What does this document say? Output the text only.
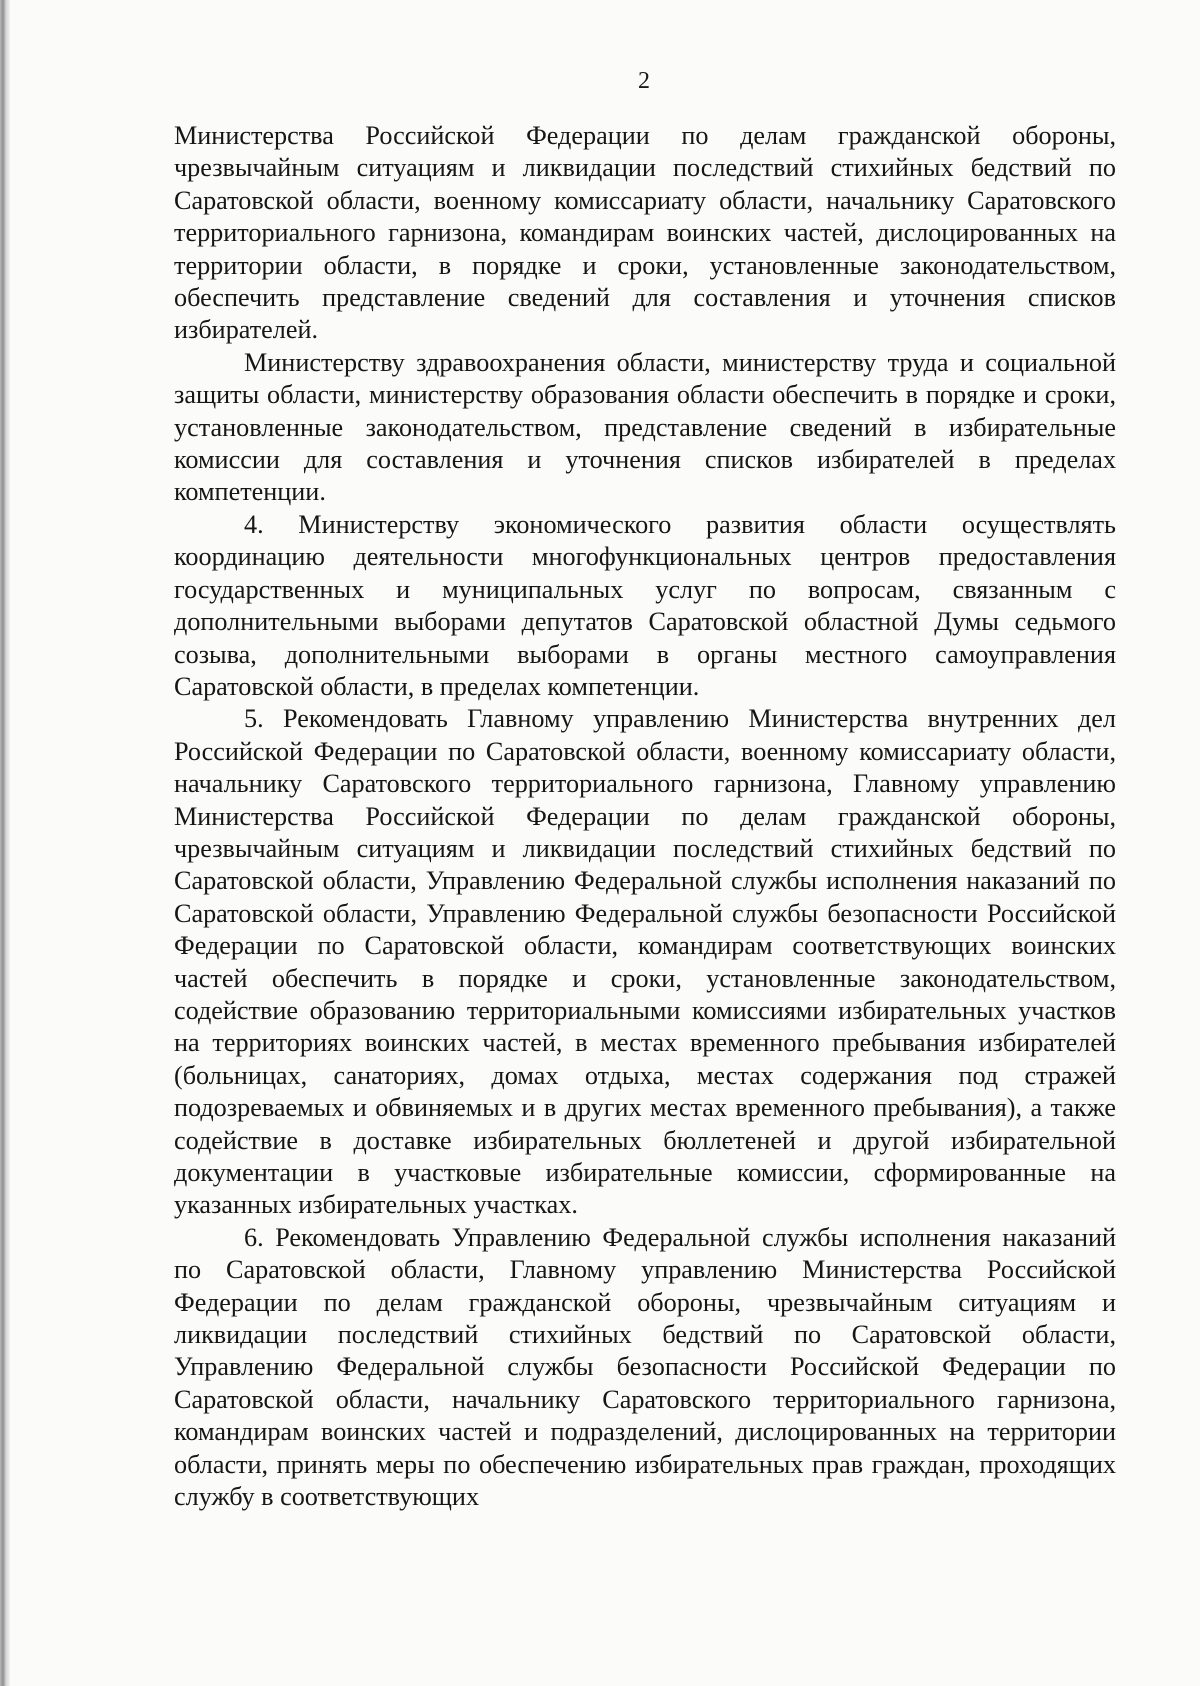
2

Министерства Российской Федерации по делам гражданской обороны, чрезвычайным ситуациям и ликвидации последствий стихийных бедствий по Саратовской области, военному комиссариату области, начальнику Саратовского территориального гарнизона, командирам воинских частей, дислоцированных на территории области, в порядке и сроки, установленные законодательством, обеспечить представление сведений для составления и уточнения списков избирателей.

Министерству здравоохранения области, министерству труда и социальной защиты области, министерству образования области обеспечить в порядке и сроки, установленные законодательством, представление сведений в избирательные комиссии для составления и уточнения списков избирателей в пределах компетенции.

4. Министерству экономического развития области осуществлять координацию деятельности многофункциональных центров предоставления государственных и муниципальных услуг по вопросам, связанным с дополнительными выборами депутатов Саратовской областной Думы седьмого созыва, дополнительными выборами в органы местного самоуправления Саратовской области, в пределах компетенции.

5. Рекомендовать Главному управлению Министерства внутренних дел Российской Федерации по Саратовской области, военному комиссариату области, начальнику Саратовского территориального гарнизона, Главному управлению Министерства Российской Федерации по делам гражданской обороны, чрезвычайным ситуациям и ликвидации последствий стихийных бедствий по Саратовской области, Управлению Федеральной службы исполнения наказаний по Саратовской области, Управлению Федеральной службы безопасности Российской Федерации по Саратовской области, командирам соответствующих воинских частей обеспечить в порядке и сроки, установленные законодательством, содействие образованию территориальными комиссиями избирательных участков на территориях воинских частей, в местах временного пребывания избирателей (больницах, санаториях, домах отдыха, местах содержания под стражей подозреваемых и обвиняемых и в других местах временного пребывания), а также содействие в доставке избирательных бюллетеней и другой избирательной документации в участковые избирательные комиссии, сформированные на указанных избирательных участках.

6. Рекомендовать Управлению Федеральной службы исполнения наказаний по Саратовской области, Главному управлению Министерства Российской Федерации по делам гражданской обороны, чрезвычайным ситуациям и ликвидации последствий стихийных бедствий по Саратовской области, Управлению Федеральной службы безопасности Российской Федерации по Саратовской области, начальнику Саратовского территориального гарнизона, командирам воинских частей и подразделений, дислоцированных на территории области, принять меры по обеспечению избирательных прав граждан, проходящих службу в соответствующих
